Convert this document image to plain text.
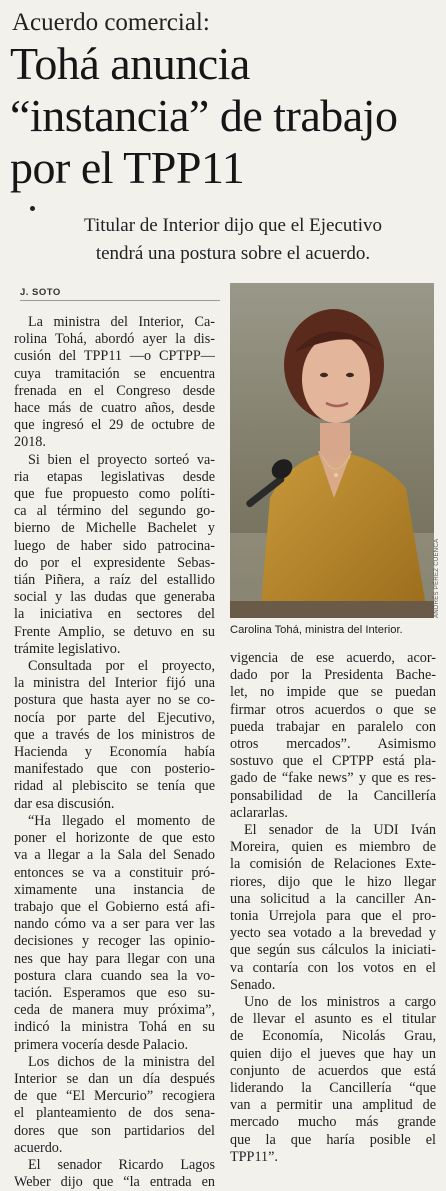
Acuerdo comercial:
Tohá anuncia
“instancia” de trabajo
por el TPP11
Titular de Interior dijo que el Ejecutivo
tendrá una postura sobre el acuerdo.
J. SOTO
ANDRÉS PÉREZ CUENCA
Carolina Tohá, ministra del Interior.
La ministra del Interior, Ca-
rolina Tohá, abordó ayer la dis-
cusión del TPP11 —o CPTPP—
cuya tramitación se encuentra
frenada en el Congreso desde
hace más de cuatro años, desde
que ingresó el 29 de octubre de
2018.
Si bien el proyecto sorteó va-
ria etapas legislativas desde
que fue propuesto como políti-
ca al término del segundo go-
bierno de Michelle Bachelet y
luego de haber sido patrocina-
do por el expresidente Sebas-
tián Piñera, a raíz del estallido
social y las dudas que generaba
la iniciativa en sectores del
Frente Amplio, se detuvo en su
trámite legislativo.
Consultada por el proyecto,
la ministra del Interior fijó una
postura que hasta ayer no se co-
nocía por parte del Ejecutivo,
que a través de los ministros de
Hacienda y Economía había
manifestado que con posterio-
ridad al plebiscito se tenía que
dar esa discusión.
“Ha llegado el momento de
poner el horizonte de que esto
va a llegar a la Sala del Senado
entonces se va a constituir pró-
ximamente una instancia de
trabajo que el Gobierno está afi-
nando cómo va a ser para ver las
decisiones y recoger las opinio-
nes que hay para llegar con una
postura clara cuando sea la vo-
tación. Esperamos que eso su-
ceda de manera muy próxima”,
indicó la ministra Tohá en su
primera vocería desde Palacio.
Los dichos de la ministra del
Interior se dan un día después
de que “El Mercurio” recogiera
el planteamiento de dos sena-
dores que son partidarios del
acuerdo.
El senador Ricardo Lagos
Weber dijo que “la entrada en
vigencia de ese acuerdo, acor-
dado por la Presidenta Bache-
let, no impide que se puedan
firmar otros acuerdos o que se
pueda trabajar en paralelo con
otros mercados”. Asimismo
sostuvo que el CPTPP está pla-
gado de “fake news” y que es res-
ponsabilidad de la Cancillería
aclararlas.
El senador de la UDI Iván
Moreira, quien es miembro de
la comisión de Relaciones Exte-
riores, dijo que le hizo llegar
una solicitud a la canciller An-
tonia Urrejola para que el pro-
yecto sea votado a la brevedad y
que según sus cálculos la iniciati-
va contaría con los votos en el
Senado.
Uno de los ministros a cargo
de llevar el asunto es el titular
de Economía, Nicolás Grau,
quien dijo el jueves que hay un
conjunto de acuerdos que está
liderando la Cancillería “que
van a permitir una amplitud de
mercado mucho más grande
que la que haría posible el
TPP11”.
